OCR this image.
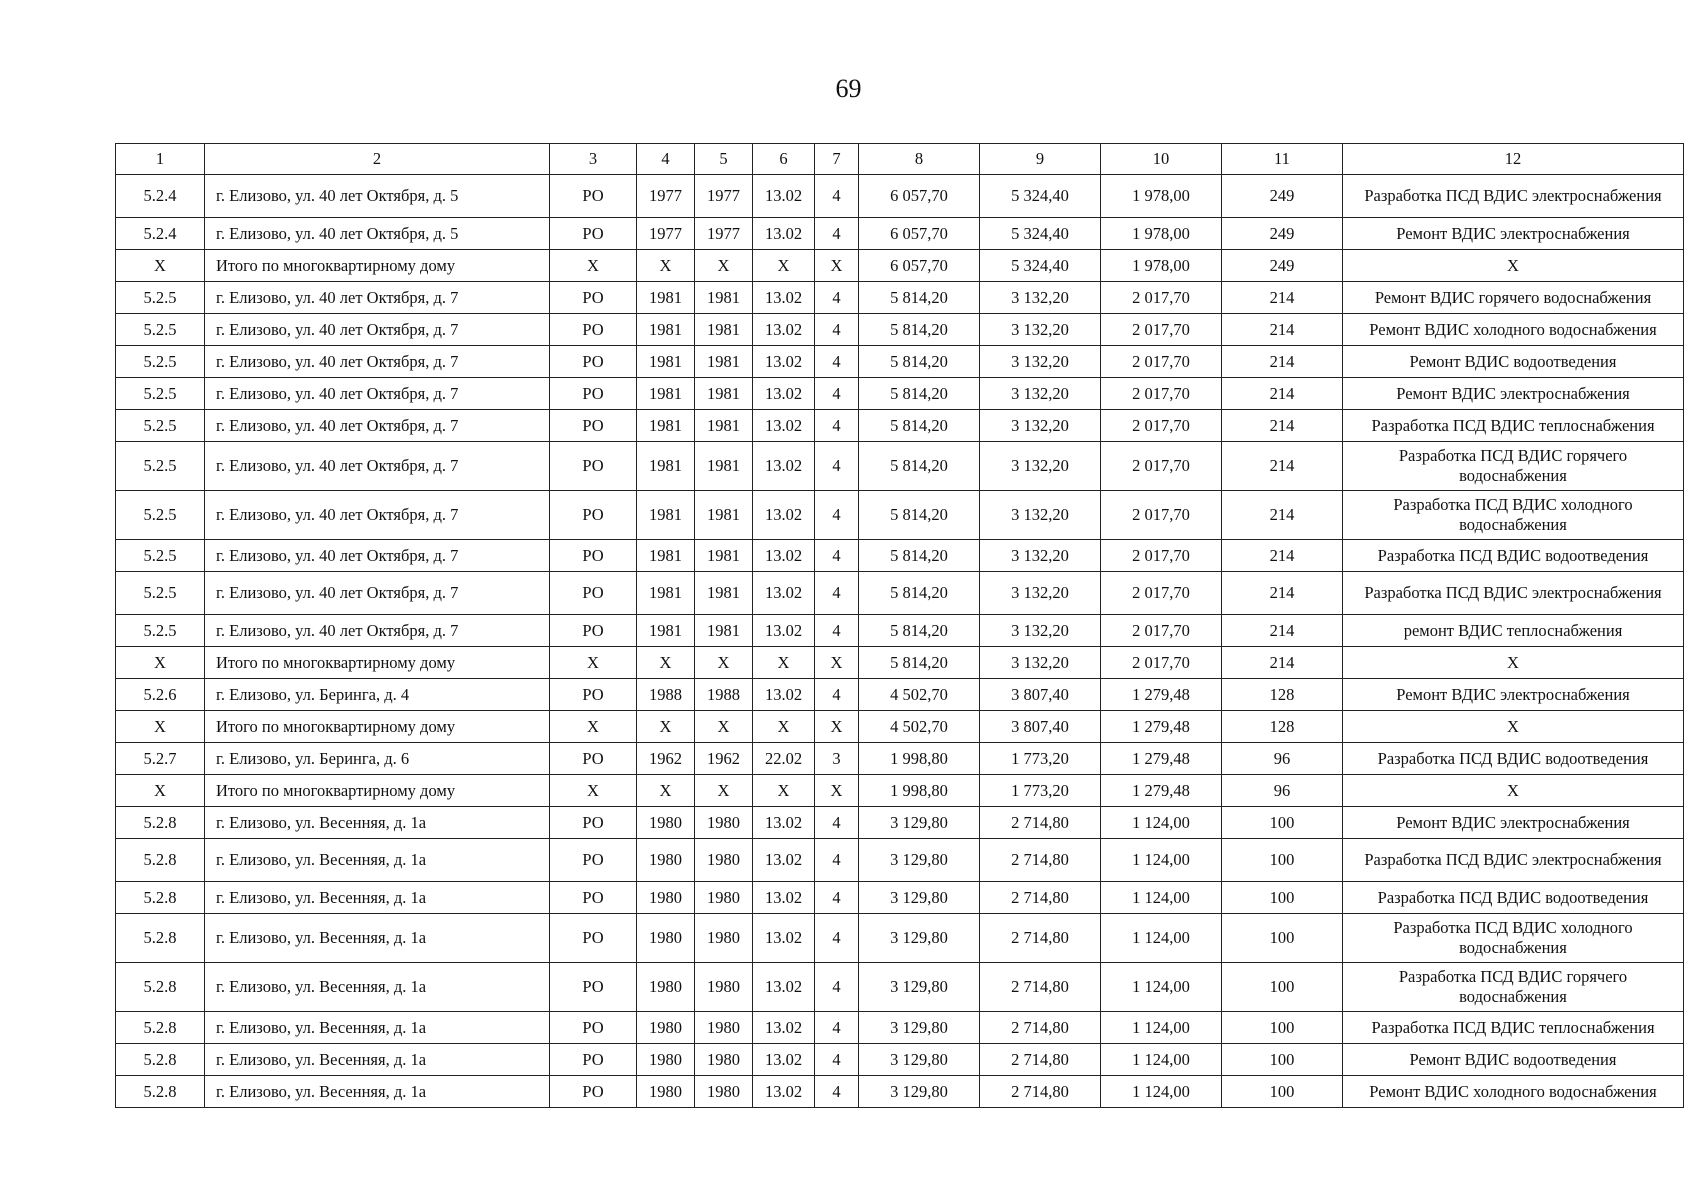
69
1	2	3	4	5	6	7	8	9	10	11	12
5.2.4	г. Елизово, ул. 40 лет Октября, д. 5	РО	1977	1977	13.02	4	6 057,70	5 324,40	1 978,00	249	Разработка ПСД ВДИС электроснабжения
5.2.4	г. Елизово, ул. 40 лет Октября, д. 5	РО	1977	1977	13.02	4	6 057,70	5 324,40	1 978,00	249	Ремонт ВДИС электроснабжения
Х	Итого по многоквартирному дому	Х	Х	Х	Х	Х	6 057,70	5 324,40	1 978,00	249	Х
5.2.5	г. Елизово, ул. 40 лет Октября, д. 7	РО	1981	1981	13.02	4	5 814,20	3 132,20	2 017,70	214	Ремонт ВДИС горячего водоснабжения
5.2.5	г. Елизово, ул. 40 лет Октября, д. 7	РО	1981	1981	13.02	4	5 814,20	3 132,20	2 017,70	214	Ремонт ВДИС холодного водоснабжения
5.2.5	г. Елизово, ул. 40 лет Октября, д. 7	РО	1981	1981	13.02	4	5 814,20	3 132,20	2 017,70	214	Ремонт ВДИС водоотведения
5.2.5	г. Елизово, ул. 40 лет Октября, д. 7	РО	1981	1981	13.02	4	5 814,20	3 132,20	2 017,70	214	Ремонт ВДИС электроснабжения
5.2.5	г. Елизово, ул. 40 лет Октября, д. 7	РО	1981	1981	13.02	4	5 814,20	3 132,20	2 017,70	214	Разработка ПСД ВДИС теплоснабжения
5.2.5	г. Елизово, ул. 40 лет Октября, д. 7	РО	1981	1981	13.02	4	5 814,20	3 132,20	2 017,70	214	Разработка ПСД ВДИС горячего водоснабжения
5.2.5	г. Елизово, ул. 40 лет Октября, д. 7	РО	1981	1981	13.02	4	5 814,20	3 132,20	2 017,70	214	Разработка ПСД ВДИС холодного водоснабжения
5.2.5	г. Елизово, ул. 40 лет Октября, д. 7	РО	1981	1981	13.02	4	5 814,20	3 132,20	2 017,70	214	Разработка ПСД ВДИС водоотведения
5.2.5	г. Елизово, ул. 40 лет Октября, д. 7	РО	1981	1981	13.02	4	5 814,20	3 132,20	2 017,70	214	Разработка ПСД ВДИС электроснабжения
5.2.5	г. Елизово, ул. 40 лет Октября, д. 7	РО	1981	1981	13.02	4	5 814,20	3 132,20	2 017,70	214	ремонт ВДИС теплоснабжения
Х	Итого по многоквартирному дому	Х	Х	Х	Х	Х	5 814,20	3 132,20	2 017,70	214	Х
5.2.6	г. Елизово, ул. Беринга, д. 4	РО	1988	1988	13.02	4	4 502,70	3 807,40	1 279,48	128	Ремонт ВДИС электроснабжения
Х	Итого по многоквартирному дому	Х	Х	Х	Х	Х	4 502,70	3 807,40	1 279,48	128	Х
5.2.7	г. Елизово, ул. Беринга, д. 6	РО	1962	1962	22.02	3	1 998,80	1 773,20	1 279,48	96	Разработка ПСД ВДИС водоотведения
Х	Итого по многоквартирному дому	Х	Х	Х	Х	Х	1 998,80	1 773,20	1 279,48	96	Х
5.2.8	г. Елизово, ул. Весенняя, д. 1а	РО	1980	1980	13.02	4	3 129,80	2 714,80	1 124,00	100	Ремонт ВДИС электроснабжения
5.2.8	г. Елизово, ул. Весенняя, д. 1а	РО	1980	1980	13.02	4	3 129,80	2 714,80	1 124,00	100	Разработка ПСД ВДИС электроснабжения
5.2.8	г. Елизово, ул. Весенняя, д. 1а	РО	1980	1980	13.02	4	3 129,80	2 714,80	1 124,00	100	Разработка ПСД ВДИС водоотведения
5.2.8	г. Елизово, ул. Весенняя, д. 1а	РО	1980	1980	13.02	4	3 129,80	2 714,80	1 124,00	100	Разработка ПСД ВДИС холодного водоснабжения
5.2.8	г. Елизово, ул. Весенняя, д. 1а	РО	1980	1980	13.02	4	3 129,80	2 714,80	1 124,00	100	Разработка ПСД ВДИС горячего водоснабжения
5.2.8	г. Елизово, ул. Весенняя, д. 1а	РО	1980	1980	13.02	4	3 129,80	2 714,80	1 124,00	100	Разработка ПСД ВДИС теплоснабжения
5.2.8	г. Елизово, ул. Весенняя, д. 1а	РО	1980	1980	13.02	4	3 129,80	2 714,80	1 124,00	100	Ремонт ВДИС водоотведения
5.2.8	г. Елизово, ул. Весенняя, д. 1а	РО	1980	1980	13.02	4	3 129,80	2 714,80	1 124,00	100	Ремонт ВДИС холодного водоснабжения
